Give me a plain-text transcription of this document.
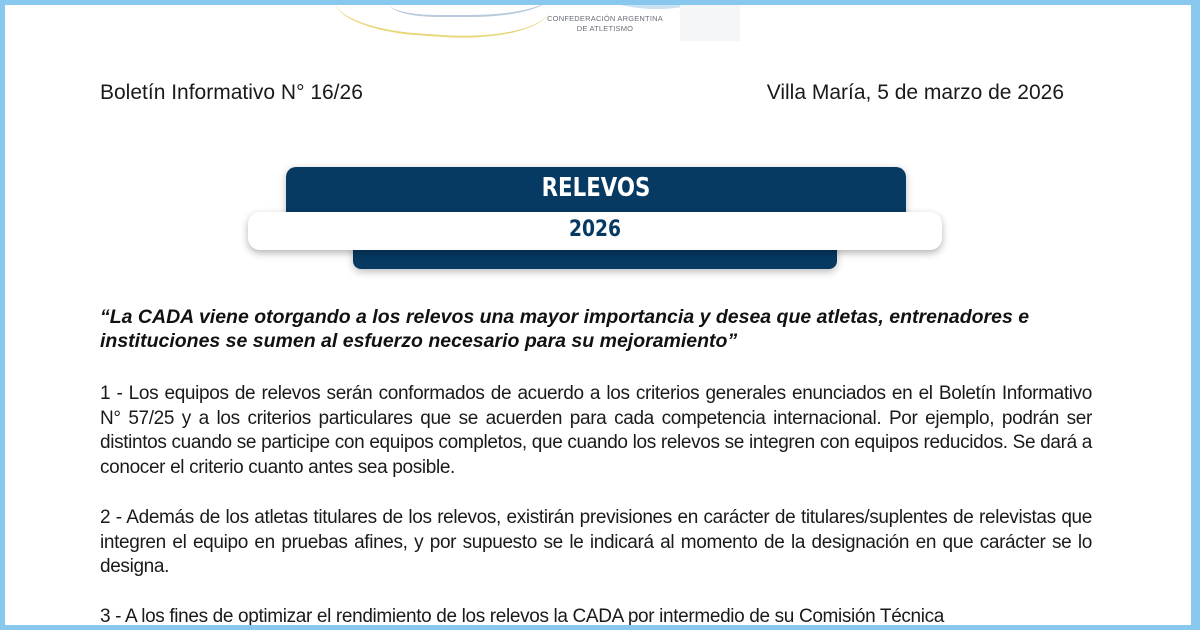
CONFEDERACIÓN ARGENTINA
DE ATLETISMO
Boletín Informativo N° 16/26	Villa María, 5 de marzo de 2026
RELEVOS
2026
“La CADA viene otorgando a los relevos una mayor importancia y desea que atletas, entrenadores e instituciones se sumen al esfuerzo necesario para su mejoramiento”
1 - Los equipos de relevos serán conformados de acuerdo a los criterios generales enunciados en el Boletín Informativo N° 57/25 y a los criterios particulares que se acuerden para cada competencia internacional. Por ejemplo, podrán ser distintos cuando se participe con equipos completos, que cuando los relevos se integren con equipos reducidos. Se dará a conocer el criterio cuanto antes sea posible.
2 - Además de los atletas titulares de los relevos, existirán previsiones en carácter de titulares/suplentes de relevistas que integren el equipo en pruebas afines, y por supuesto se le indicará al momento de la designación en que carácter se lo designa.
3 - A los fines de optimizar el rendimiento de los relevos la CADA por intermedio de su Comisión Técnica
